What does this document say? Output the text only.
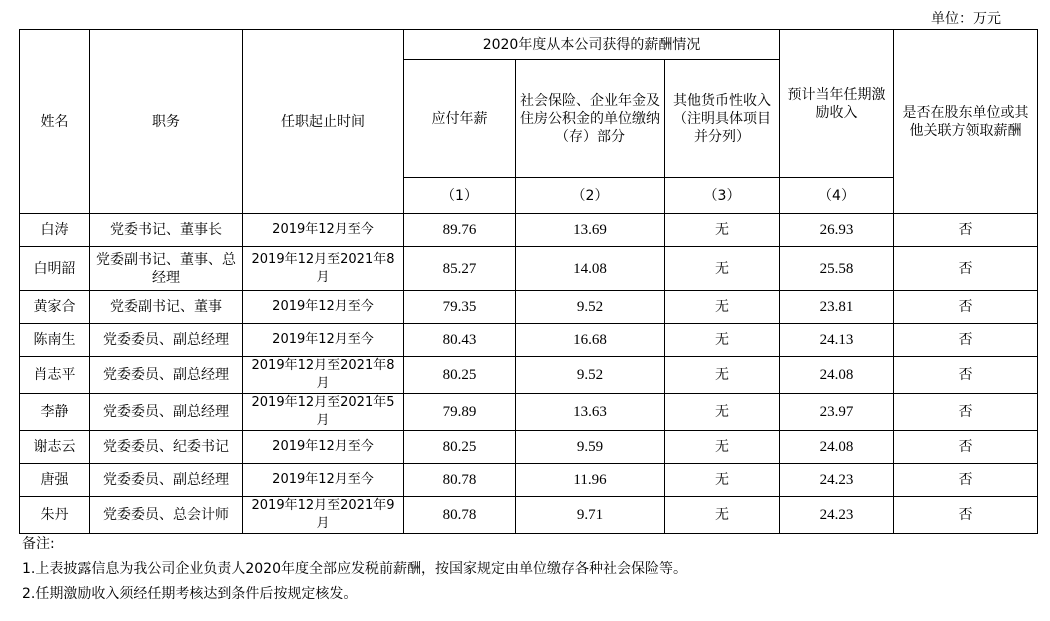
单位：万元
姓名	职务	任职起止时间	2020年度从本公司获得的薪酬情况			预计当年任期激励收入	是否在股东单位或其他关联方领取薪酬
			应付年薪	社会保险、企业年金及住房公积金的单位缴纳（存）部分	其他货币性收入（注明具体项目并分列）		
			（1）	（2）	（3）	（4）	
白涛	党委书记、董事长	2019年12月至今	89.76	13.69	无	26.93	否
白明韶	党委副书记、董事、总经理	2019年12月至2021年8月	85.27	14.08	无	25.58	否
黄家合	党委副书记、董事	2019年12月至今	79.35	9.52	无	23.81	否
陈南生	党委委员、副总经理	2019年12月至今	80.43	16.68	无	24.13	否
肖志平	党委委员、副总经理	2019年12月至2021年8月	80.25	9.52	无	24.08	否
李静	党委委员、副总经理	2019年12月至2021年5月	79.89	13.63	无	23.97	否
谢志云	党委委员、纪委书记	2019年12月至今	80.25	9.59	无	24.08	否
唐强	党委委员、副总经理	2019年12月至今	80.78	11.96	无	24.23	否
朱丹	党委委员、总会计师	2019年12月至2021年9月	80.78	9.71	无	24.23	否
备注:
1.上表披露信息为我公司企业负责人2020年度全部应发税前薪酬，按国家规定由单位缴存各种社会保险等。
2.任期激励收入须经任期考核达到条件后按规定核发。
